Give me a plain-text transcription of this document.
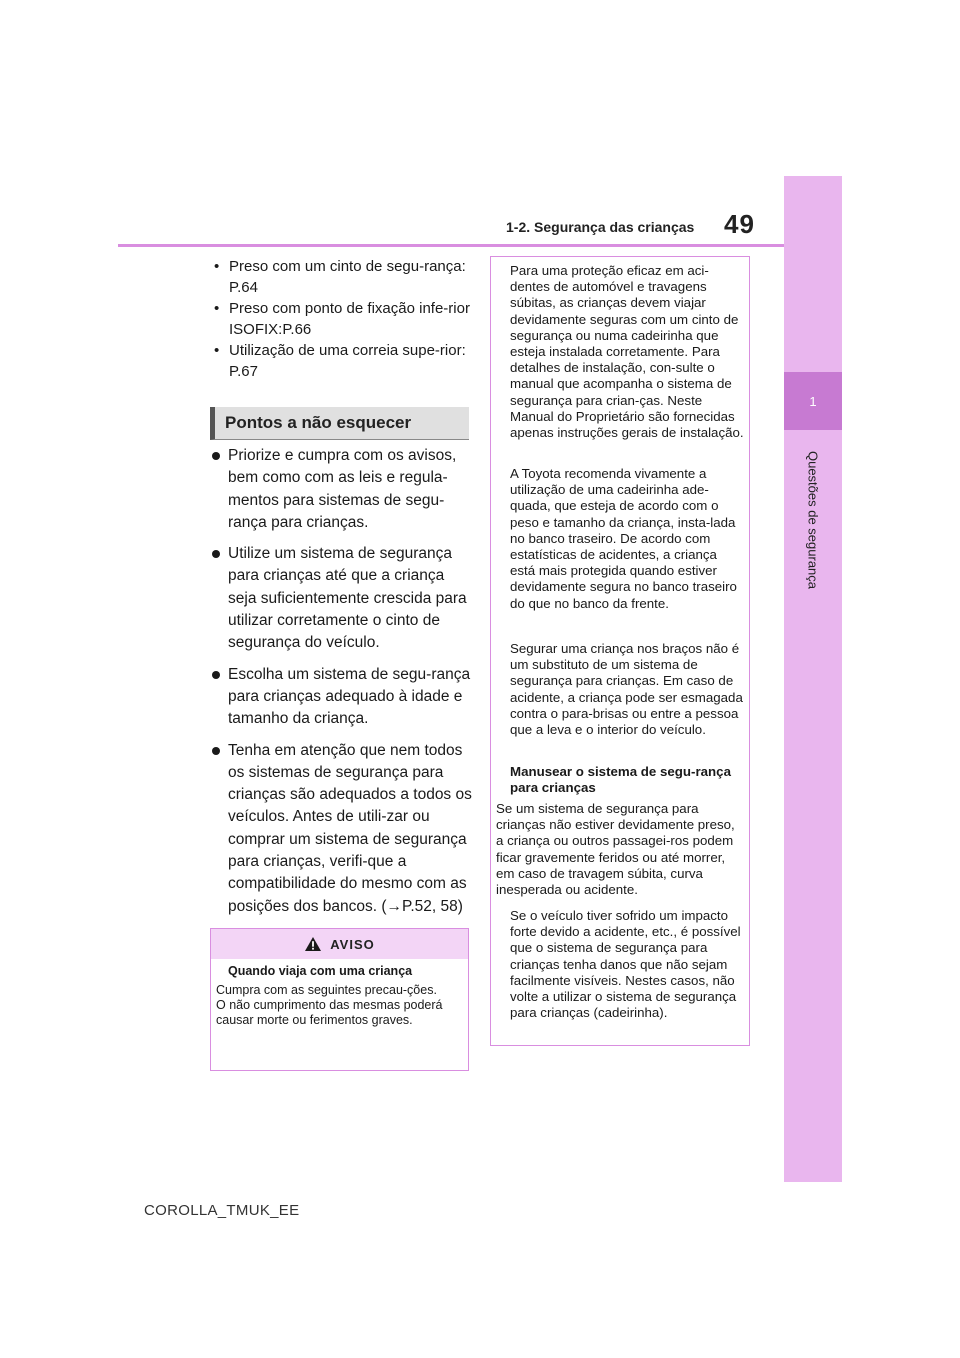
1
Questões de segurança
49
1-2. Segurança das crianças
• Preso com um cinto de segu-rança: P.64
• Preso com ponto de fixação infe-rior ISOFIX:P.66
• Utilização de uma correia supe-rior: P.67
Pontos a não esquecer
Priorize e cumpra com os avisos, bem como com as leis e regula-mentos para sistemas de segu-rança para crianças.
Utilize um sistema de segurança para crianças até que a criança seja suficientemente crescida para utilizar corretamente o cinto de segurança do veículo.
Escolha um sistema de segu-rança para crianças adequado à idade e tamanho da criança.
Tenha em atenção que nem todos os sistemas de segurança para crianças são adequados a todos os veículos. Antes de utili-zar ou comprar um sistema de segurança para crianças, verifi-que a compatibilidade do mesmo com as posições dos bancos. (→P.52, 58)
AVISO
Quando viaja com uma criança
Cumpra com as seguintes precau-ções.
O não cumprimento das mesmas poderá causar morte ou ferimentos graves.

Para uma proteção eficaz em aci-dentes de automóvel e travagens súbitas, as crianças devem viajar devidamente seguras com um cinto de segurança ou numa cadeirinha que esteja instalada corretamente. Para detalhes de instalação, con-sulte o manual que acompanha o sistema de segurança para crian-ças. Neste Manual do Proprietário são fornecidas apenas instruções gerais de instalação.

A Toyota recomenda vivamente a utilização de uma cadeirinha ade-quada, que esteja de acordo com o peso e tamanho da criança, insta-lada no banco traseiro. De acordo com estatísticas de acidentes, a criança está mais protegida quando estiver devidamente segura no banco traseiro do que no banco da frente.

Segurar uma criança nos braços não é um substituto de um sistema de segurança para crianças. Em caso de acidente, a criança pode ser esmagada contra o para-brisas ou entre a pessoa que a leva e o interior do veículo.

Manusear o sistema de segu-rança para crianças

Se um sistema de segurança para crianças não estiver devidamente preso, a criança ou outros passagei-ros podem ficar gravemente feridos ou até morrer, em caso de travagem súbita, curva inesperada ou acidente.

Se o veículo tiver sofrido um impacto forte devido a acidente, etc., é possível que o sistema de segurança para crianças tenha danos que não sejam facilmente visíveis. Nestes casos, não volte a utilizar o sistema de segurança para crianças (cadeirinha).

COROLLA_TMUK_EE
